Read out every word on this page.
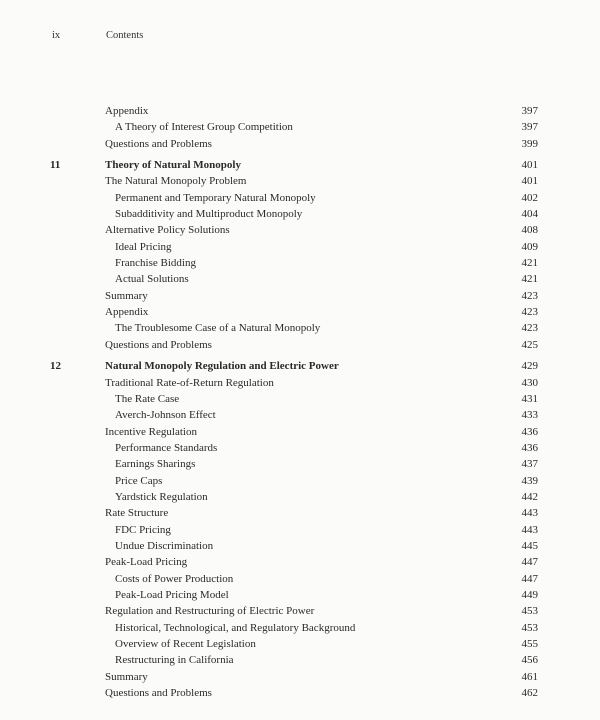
ix	Contents
Appendix	397
A Theory of Interest Group Competition	397
Questions and Problems	399
11	Theory of Natural Monopoly	401
The Natural Monopoly Problem	401
Permanent and Temporary Natural Monopoly	402
Subadditivity and Multiproduct Monopoly	404
Alternative Policy Solutions	408
Ideal Pricing	409
Franchise Bidding	421
Actual Solutions	421
Summary	423
Appendix	423
The Troublesome Case of a Natural Monopoly	423
Questions and Problems	425
12	Natural Monopoly Regulation and Electric Power	429
Traditional Rate-of-Return Regulation	430
The Rate Case	431
Averch-Johnson Effect	433
Incentive Regulation	436
Performance Standards	436
Earnings Sharings	437
Price Caps	439
Yardstick Regulation	442
Rate Structure	443
FDC Pricing	443
Undue Discrimination	445
Peak-Load Pricing	447
Costs of Power Production	447
Peak-Load Pricing Model	449
Regulation and Restructuring of Electric Power	453
Historical, Technological, and Regulatory Background	453
Overview of Recent Legislation	455
Restructuring in California	456
Summary	461
Questions and Problems	462
